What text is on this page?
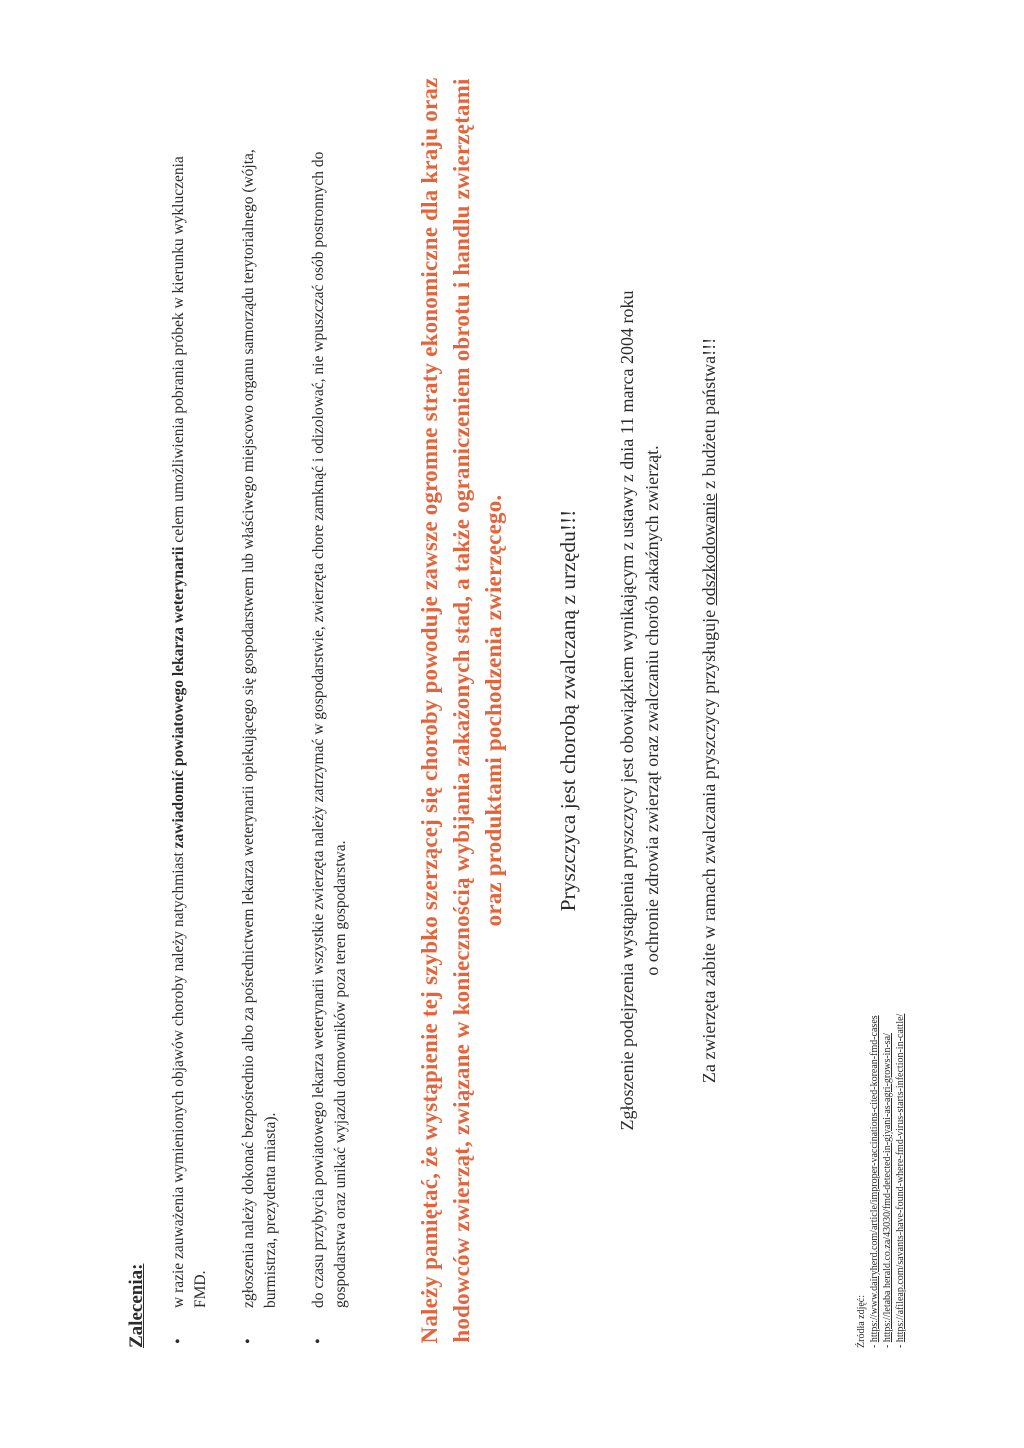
Zalecenia: •
w razie zauważenia wymienionych objawów choroby należy natychmiast zawiadomić powiatowego lekarza weterynarii celem umożliwienia pobrania próbek w kierunku wykluczenia FMD.
•
zgłoszenia należy dokonać bezpośrednio albo za pośrednictwem lekarza weterynarii opiekującego się gospodarstwem lub właściwego miejscowo organu samorządu terytorialnego (wójta, burmistrza, prezydenta miasta).
•
do czasu przybycia powiatowego lekarza weterynarii wszystkie zwierzęta należy zatrzymać w gospodarstwie, zwierzęta chore zamknąć i odizolować, nie wpuszczać osób postronnych do gospodarstwa oraz unikać wyjazdu domowników poza teren gospodarstwa.	Należy pamiętać, że wystąpienie tej szybko szerzącej się choroby powoduje zawsze ogromne straty ekonomiczne dla kraju oraz hodowców zwierząt, związane w koniecznością wybijania zakażonych stad, a także ograniczeniem obrotu i handlu zwierzętami oraz produktami pochodzenia zwierzęcego. Pryszczyca jest chorobą zwalczaną z urzędu!!! Zgłoszenie podejrzenia wystąpienia pryszczycy jest obowiązkiem wynikającym z ustawy z dnia 11 marca 2004 roku o ochronie zdrowia zwierząt oraz zwalczaniu chorób zakaźnych zwierząt. Za zwierzęta zabite w ramach zwalczania pryszczycy przysługuje odszkodowanie z budżetu państwa!!!
Źródła zdjęć: - https://www.dairyherd.com/article/improper-vaccinations-cited-korean-fmd-cases
- https://letaba herald.co.za/43030/fmd-detected-in-giyani-as-agri-grows-in-sa/
- https://afileap.com/savants-have-found-where-fmd-virus-starts-infection-in-cattle/
